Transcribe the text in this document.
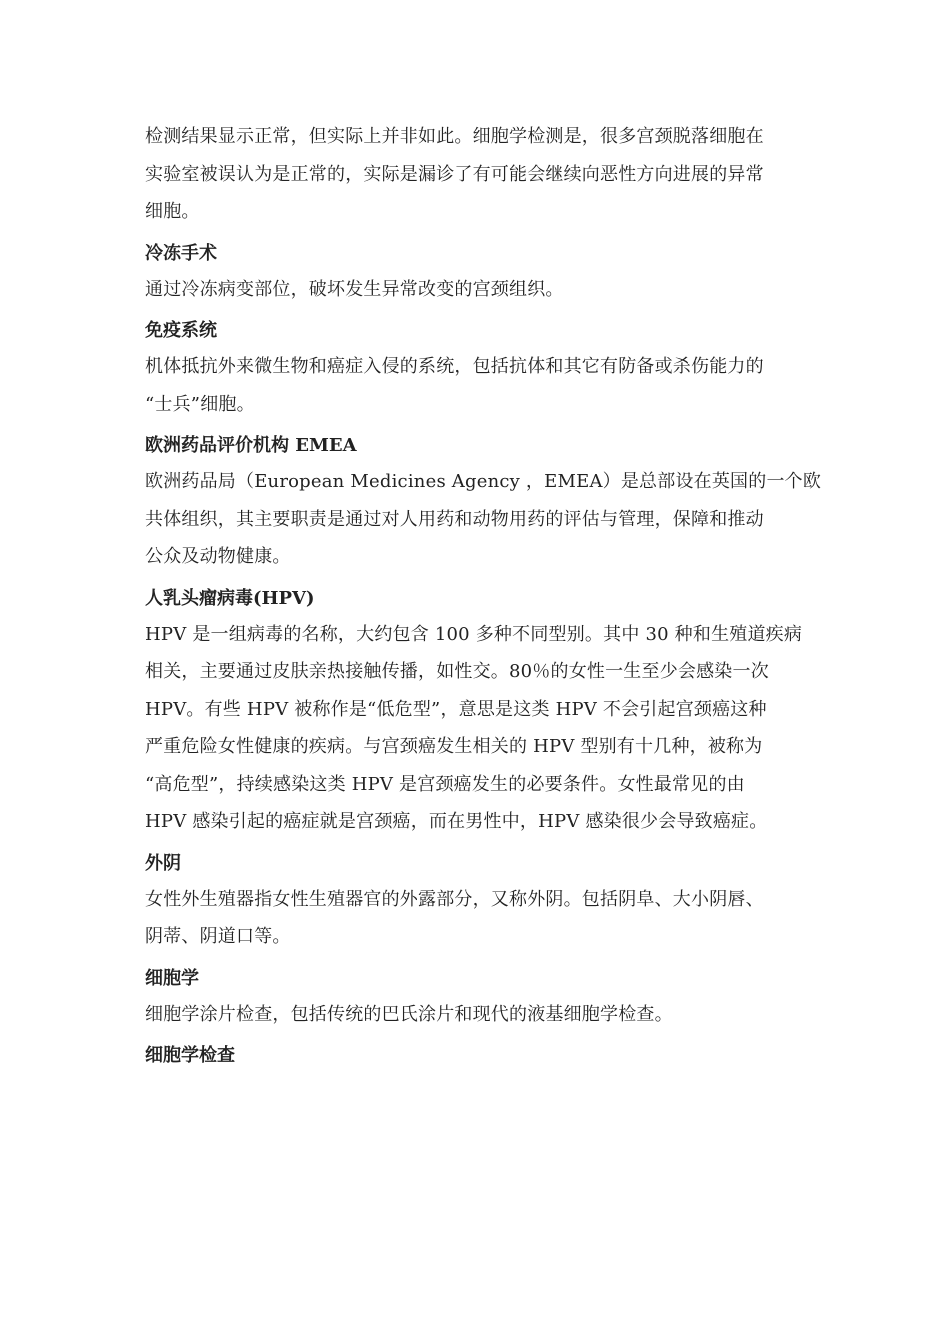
检测结果显示正常，但实际上并非如此。细胞学检测是，很多宫颈脱落细胞在
实验室被误认为是正常的，实际是漏诊了有可能会继续向恶性方向进展的异常
细胞。
冷冻手术
通过冷冻病变部位，破坏发生异常改变的宫颈组织。
免疫系统
机体抵抗外来微生物和癌症入侵的系统，包括抗体和其它有防备或杀伤能力的
“士兵”细胞。
欧洲药品评价机构 EMEA
欧洲药品局（European Medicines Agency ，EMEA）是总部设在英国的一个欧
共体组织，其主要职责是通过对人用药和动物用药的评估与管理，保障和推动
公众及动物健康。
人乳头瘤病毒(HPV)
HPV 是一组病毒的名称，大约包含 100 多种不同型别。其中 30 种和生殖道疾病
相关，主要通过皮肤亲热接触传播，如性交。80％的女性一生至少会感染一次
HPV。有些 HPV 被称作是“低危型”，意思是这类 HPV 不会引起宫颈癌这种
严重危险女性健康的疾病。与宫颈癌发生相关的 HPV 型别有十几种，被称为
“高危型”，持续感染这类 HPV 是宫颈癌发生的必要条件。女性最常见的由
HPV 感染引起的癌症就是宫颈癌，而在男性中，HPV 感染很少会导致癌症。
外阴
女性外生殖器指女性生殖器官的外露部分，又称外阴。包括阴阜、大小阴唇、
阴蒂、阴道口等。
细胞学
细胞学涂片检查，包括传统的巴氏涂片和现代的液基细胞学检查。
细胞学检查
